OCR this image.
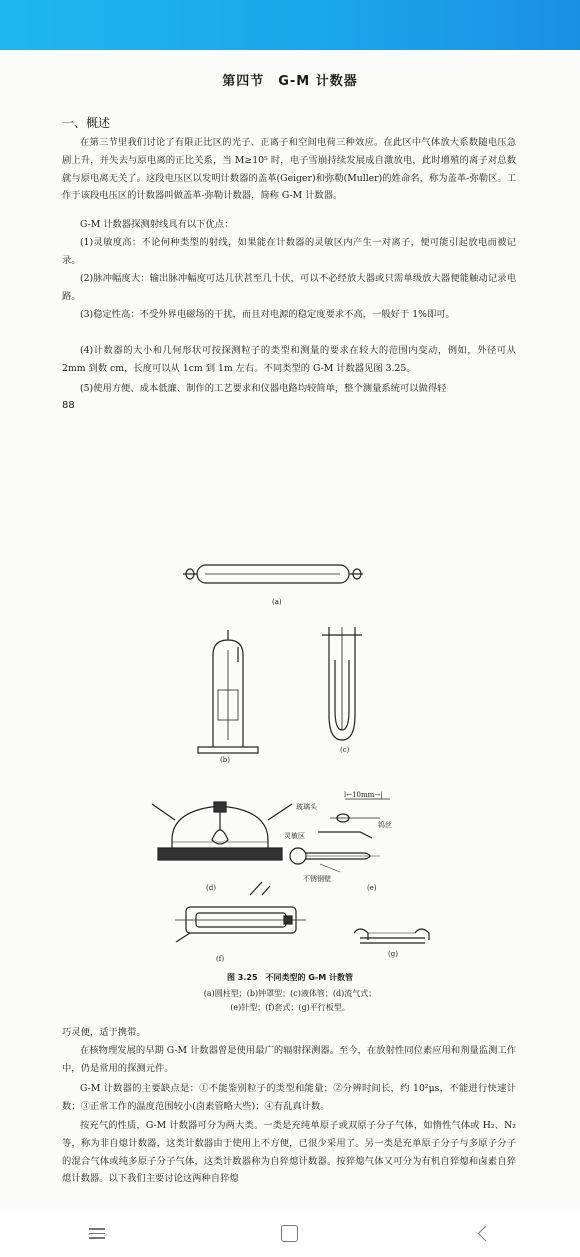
第四节　G-M 计数器
一、概述

在第三节里我们讨论了有限正比区的光子、正离子和空间电荷三种效应。在此区中气体放大系数随电压急剧上升，并失去与原电离的正比关系，当 M≥10⁵ 时，电子雪崩持续发展成自激放电，此时增殖的离子对总数就与原电离无关了。这段电压区以发明计数器的盖革(Geiger)和弥勒(Muller)的姓命名，称为盖革-弥勒区。工作于该段电压区的计数器叫做盖革-弥勒计数器，简称 G-M 计数器。

G-M 计数器探测射线具有以下优点：

(1)灵敏度高：不论何种类型的射线，如果能在计数器的灵敏区内产生一对离子，便可能引起放电而被记录。

(2)脉冲幅度大：输出脉冲幅度可达几伏甚至几十伏，可以不必经放大器或只需单级放大器便能触动记录电路。

(3)稳定性高：不受外界电磁场的干扰，而且对电源的稳定度要求不高，一般好于 1%即可。

(4)计数器的大小和几何形状可按探测粒子的类型和测量的要求在较大的范围内变动，例如，外径可从 2mm 到数 cm，长度可以从 1cm 到 1m 左右。不同类型的 G-M 计数器见图 3.25。

(5)使用方便、成本低廉、制作的工艺要求和仪器电路均较简单，整个测量系统可以做得轻

88
(a)
(b)
(c)
(d)	(e)
(f)
(g)
l←10mm→|
玻璃头
钨丝
灵敏区
不锈钢壁
图 3.25　不同类型的 G-M 计数管
(a)圆柱型；(b)钟罩型；(c)液体管；(d)流气式；
(e)针型；(f)套式；(g)平行板型。

巧灵便，适于携带。

在核物理发展的早期 G-M 计数器曾是使用最广的辐射探测器。至今，在放射性同位素应用和剂量监测工作中，仍是常用的探测元件。

G-M 计数器的主要缺点是：①不能鉴别粒子的类型和能量；②分辨时间长，约 10²μs，不能进行快速计数；③正常工作的温度范围较小(卤素管略大些)；④有乱真计数。

按充气的性质，G-M 计数器可分为两大类。一类是充纯单原子或双原子分子气体，如惰性气体或 H₂、N₂ 等，称为非自熄计数器，这类计数器由于使用上不方便，已很少采用了。另一类是充单原子分子与多原子分子的混合气体或纯多原子分子气体，这类计数器称为自猝熄计数器。按猝熄气体又可分为有机自猝熄和卤素自猝熄计数器。以下我们主要讨论这两种自猝熄
